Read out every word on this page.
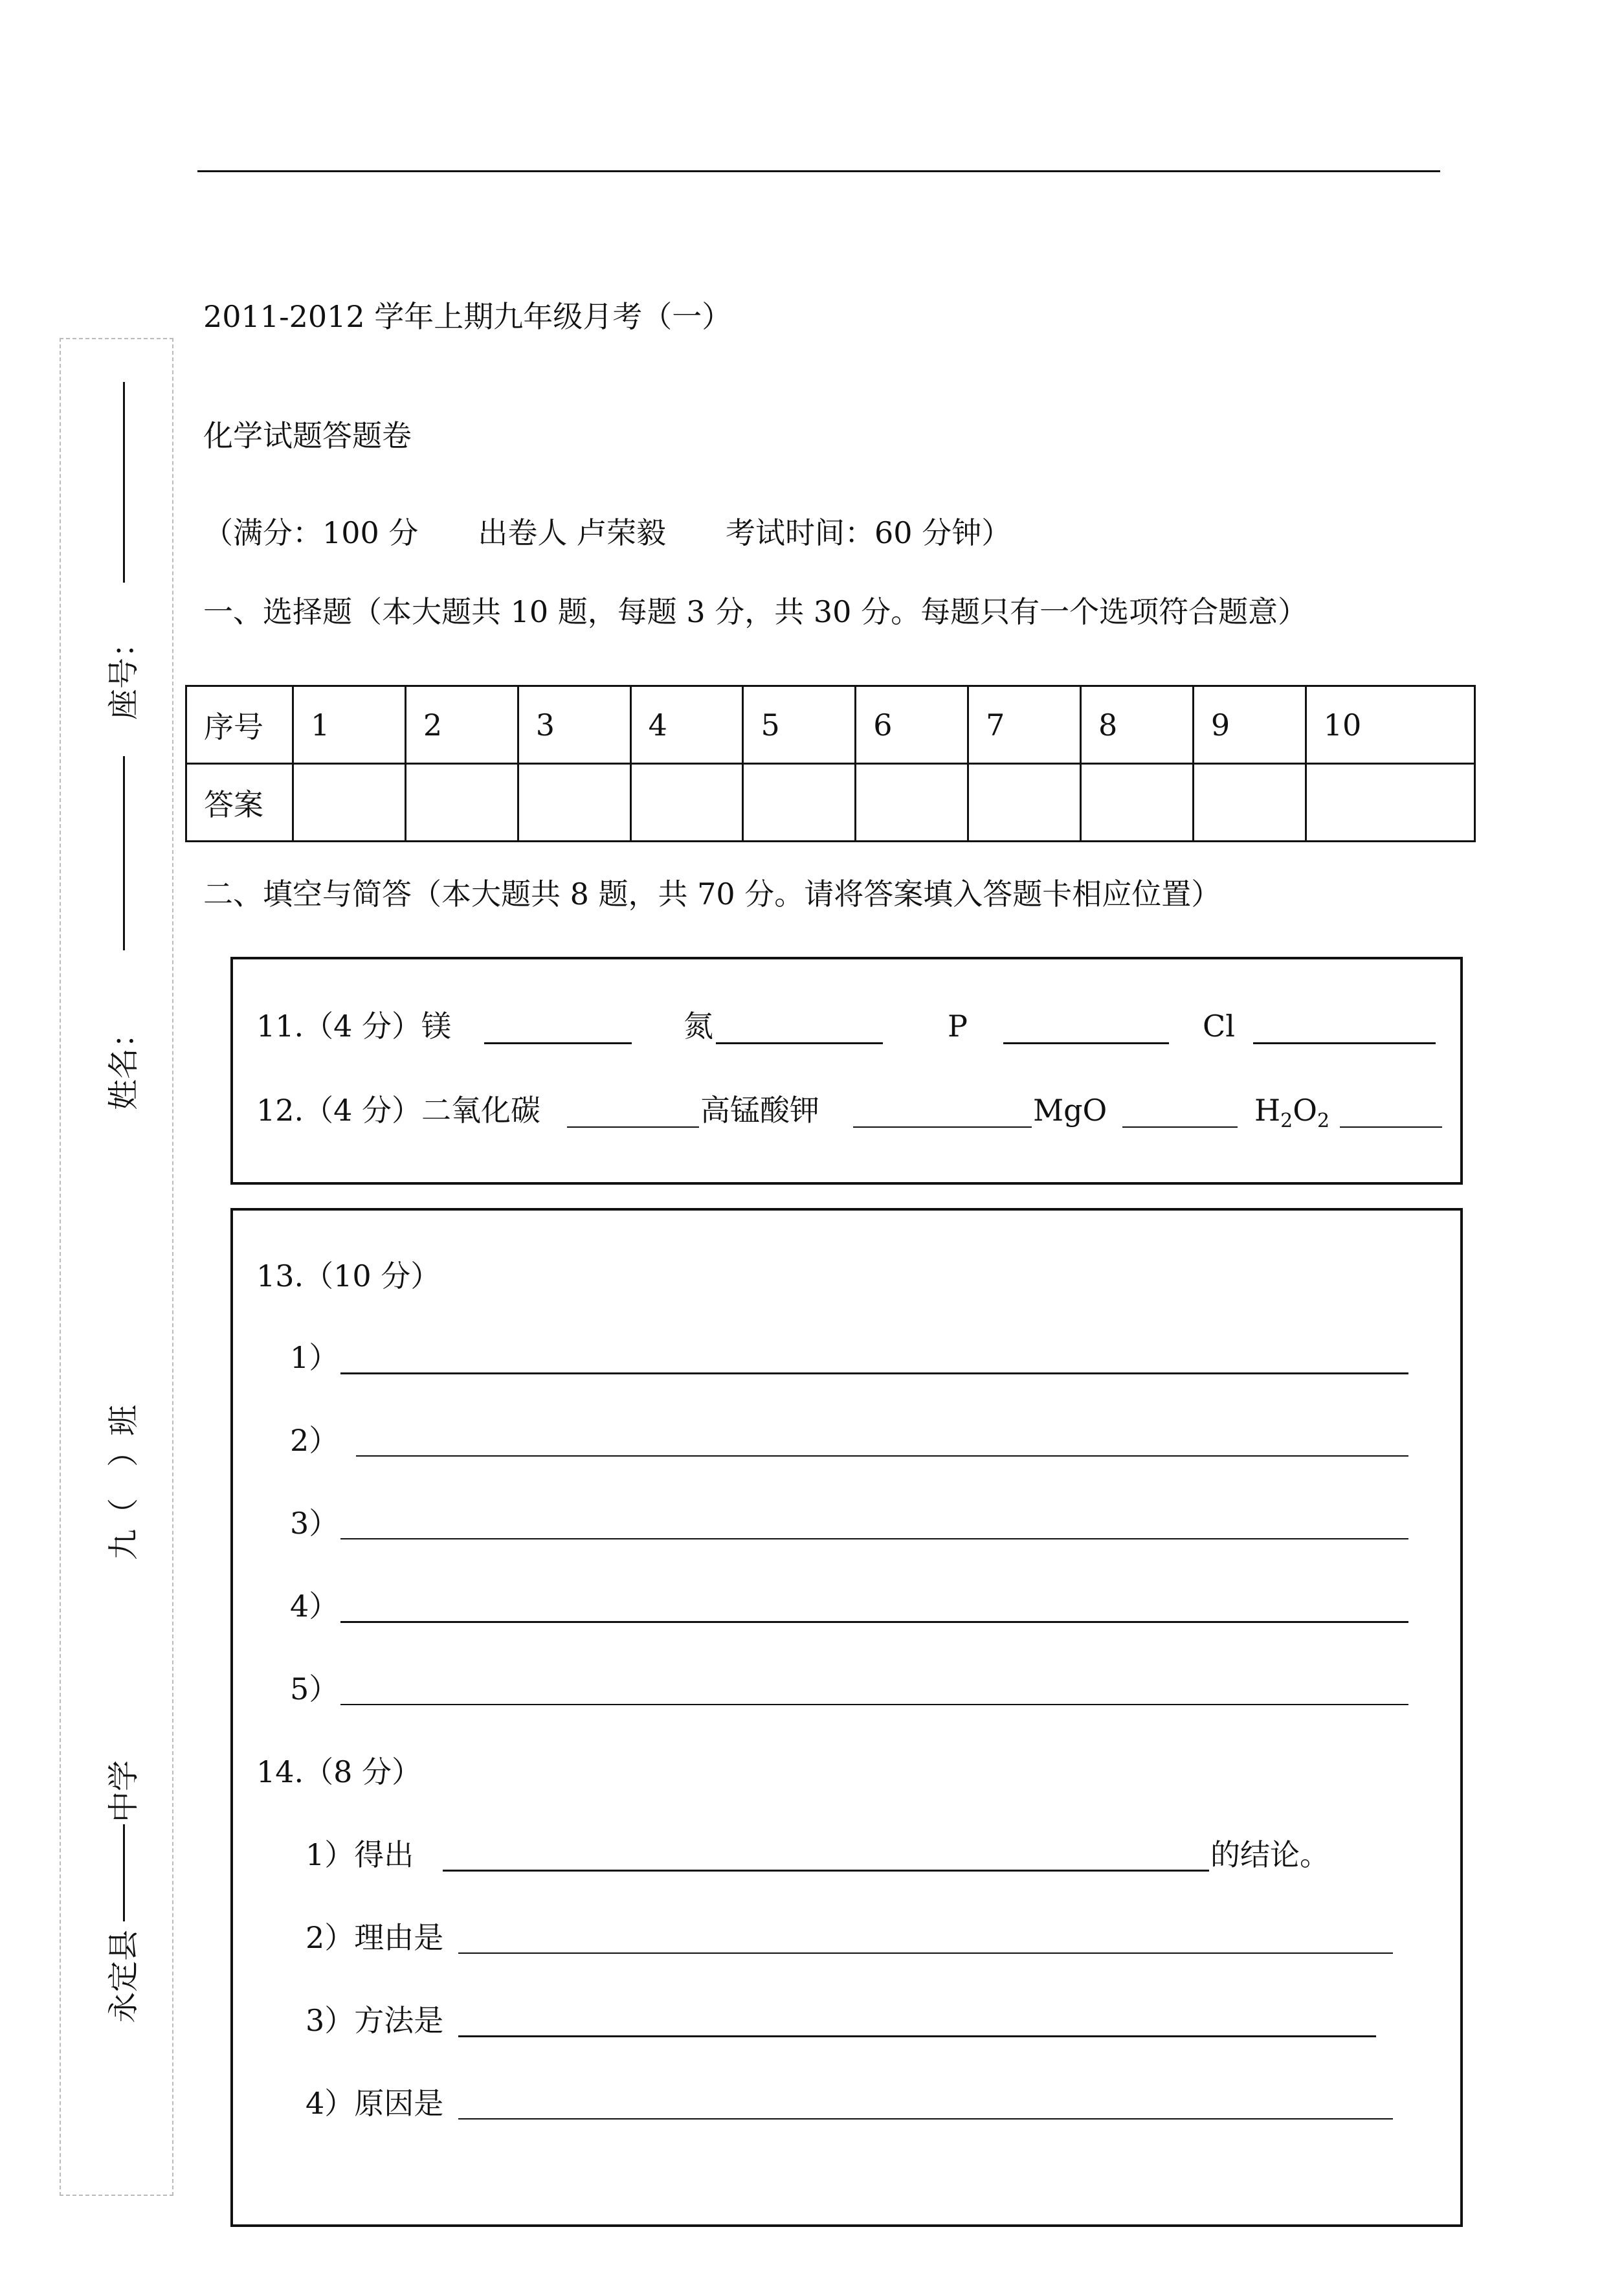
座号：
姓名：
九（　）班
中学
永定县
2011-2012 学年上期九年级月考（一）
化学试题答题卷
（满分：100 分　　出卷人 卢荣毅　　考试时间：60 分钟）
一、选择题（本大题共 10 题，每题 3 分，共 30 分。每题只有一个选项符合题意）
序号	1	2	3	4	5	6	7	8	9	10
答案										
二、填空与简答（本大题共 8 题，共 70 分。请将答案填入答题卡相应位置）
11.（4 分）镁	氮	P	Cl
12.（4 分）二氧化碳	高锰酸钾	MgO	$H_2O_2$
13.（10 分）
1）
2）
3）
4）
5）
14.（8 分）
1）得出	的结论。
2）理由是
3）方法是
4）原因是
